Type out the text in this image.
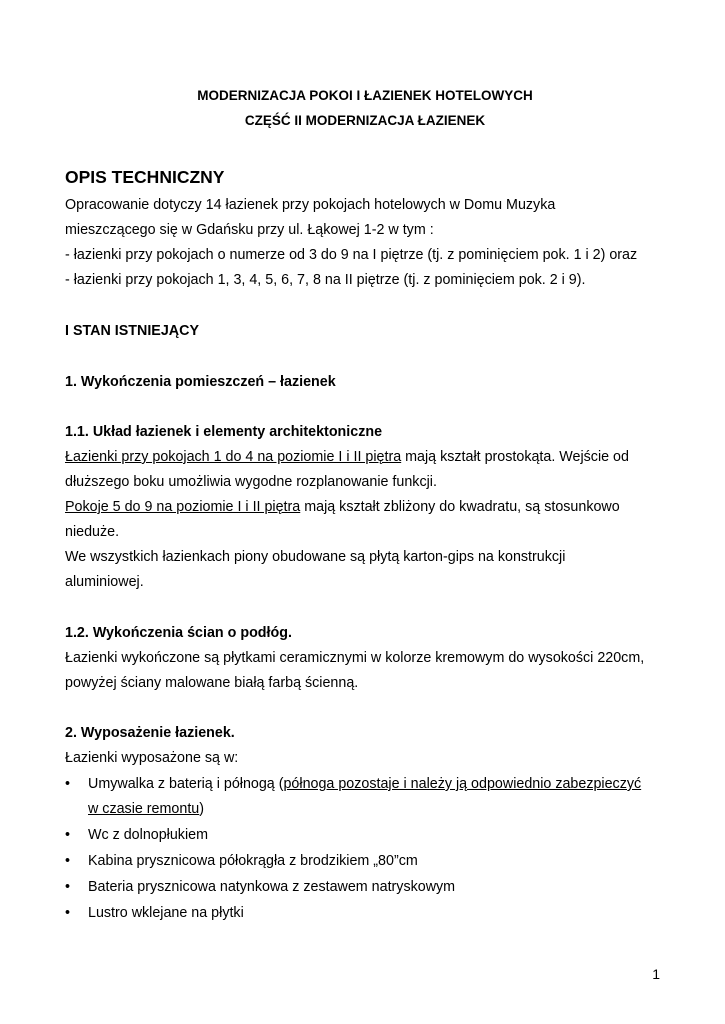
MODERNIZACJA POKOI I ŁAZIENEK HOTELOWYCH
CZĘŚĆ II MODERNIZACJA ŁAZIENEK
OPIS TECHNICZNY
Opracowanie dotyczy 14 łazienek przy pokojach hotelowych w Domu Muzyka
mieszczącego się w Gdańsku przy ul. Łąkowej 1-2 w tym :
- łazienki przy pokojach o numerze od 3 do 9 na I piętrze (tj. z pominięciem pok. 1 i 2) oraz
- łazienki przy pokojach 1, 3, 4, 5, 6, 7, 8 na II piętrze (tj. z pominięciem pok. 2 i 9).
I STAN ISTNIEJĄCY
1. Wykończenia pomieszczeń – łazienek
1.1. Układ łazienek i elementy architektoniczne
Łazienki przy pokojach 1 do 4 na poziomie I i II piętra mają kształt prostokąta. Wejście od
dłuższego boku umożliwia wygodne rozplanowanie funkcji.
Pokoje 5 do 9 na poziomie I i II piętra mają kształt zbliżony do kwadratu, są stosunkowo
nieduże.
We wszystkich łazienkach piony obudowane są płytą karton-gips na konstrukcji
aluminiowej.
1.2. Wykończenia ścian o podłóg.
Łazienki wykończone są płytkami ceramicznymi w kolorze kremowym do wysokości 220cm,
powyżej ściany malowane białą farbą ścienną.
2. Wyposażenie łazienek.
Łazienki wyposażone są w:
• Umywalka z baterią i półnogą (półnoga pozostaje i należy ją odpowiednio zabezpieczyć
w czasie remontu)
• Wc z dolnopłukiem
• Kabina prysznicowa półokrągła z brodzikiem „80”cm
• Bateria prysznicowa natynkowa z zestawem natryskowym
• Lustro wklejane na płytki
1
